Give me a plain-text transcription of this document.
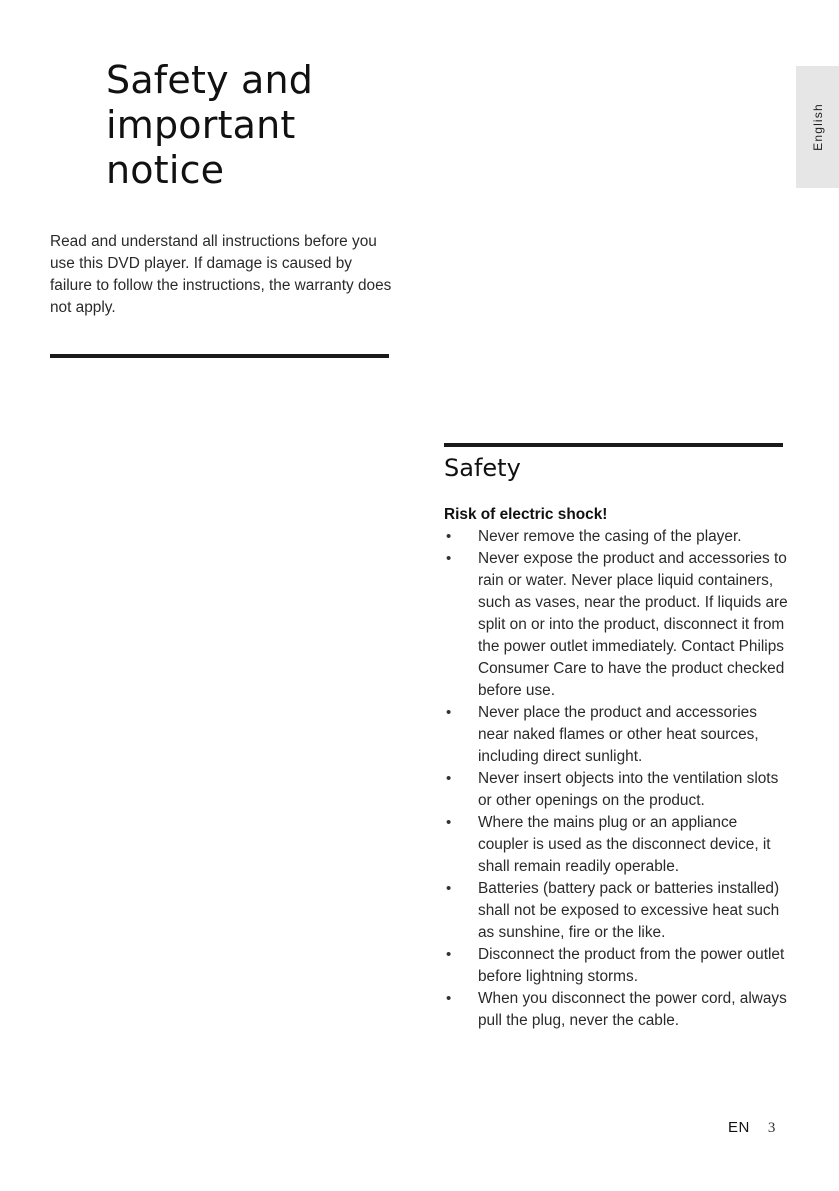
Safety and
important
notice

Read and understand all instructions before you use this DVD player. If damage is caused by failure to follow the instructions, the warranty does not apply.

English
Safety
Risk of electric shock!
• Never remove the casing of the player.
• Never expose the product and accessories to rain or water. Never place liquid containers, such as vases, near the product. If liquids are split on or into the product, disconnect it from the power outlet immediately. Contact Philips Consumer Care to have the product checked before use.
• Never place the product and accessories near naked flames or other heat sources, including direct sunlight.
• Never insert objects into the ventilation slots or other openings on the product.
• Where the mains plug or an appliance coupler is used as the disconnect device, it shall remain readily operable.
• Batteries (battery pack or batteries installed) shall not be exposed to excessive heat such as sunshine, fire or the like.
• Disconnect the product from the power outlet before lightning storms.
• When you disconnect the power cord, always pull the plug, never the cable.
EN 3
